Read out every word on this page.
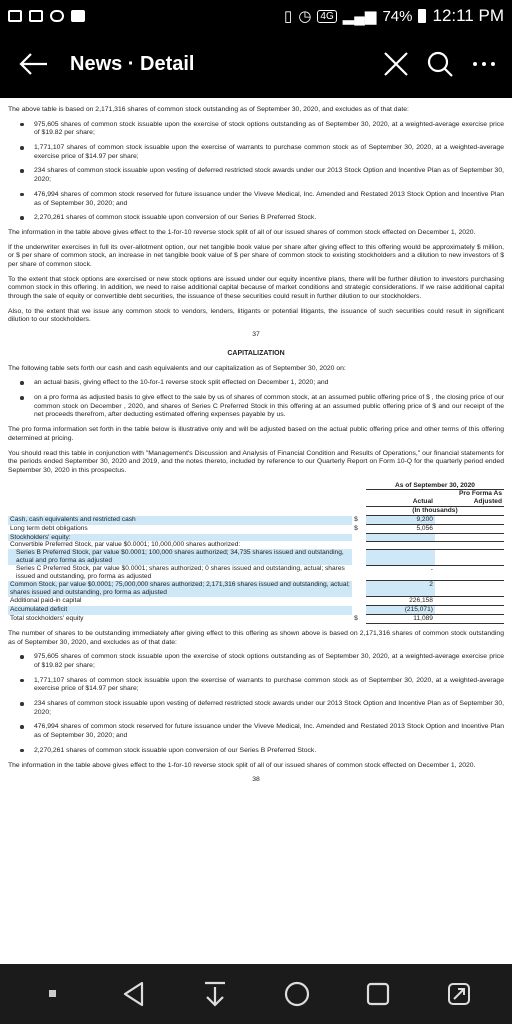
▯ ◷ 4G ▂▄▆ 74% 12:11 PM
News · Detail

The above table is based on 2,171,316 shares of common stock outstanding as of September 30, 2020, and excludes as of that date:

975,605 shares of common stock issuable upon the exercise of stock options outstanding as of September 30, 2020, at a weighted-average exercise price of $19.82 per share;
1,771,107 shares of common stock issuable upon the exercise of warrants to purchase common stock as of September 30, 2020, at a weighted-average exercise price of $14.97 per share;
234 shares of common stock issuable upon vesting of deferred restricted stock awards under our 2013 Stock Option and Incentive Plan as of September 30, 2020;
476,994 shares of common stock reserved for future issuance under the Viveve Medical, Inc. Amended and Restated 2013 Stock Option and Incentive Plan as of September 30, 2020; and
2,270,261 shares of common stock issuable upon conversion of our Series B Preferred Stock.

The information in the table above gives effect to the 1-for-10 reverse stock split of all of our issued shares of common stock effected on December 1, 2020.

If the underwriter exercises in full its over-allotment option, our net tangible book value per share after giving effect to this offering would be approximately $ million, or $ per share of common stock, an increase in net tangible book value of $ per share of common stock to existing stockholders and a dilution to new investors of $ per share of common stock.

To the extent that stock options are exercised or new stock options are issued under our equity incentive plans, there will be further dilution to investors purchasing common stock in this offering. In addition, we need to raise additional capital because of market conditions and strategic considerations. If we raise additional capital through the sale of equity or convertible debt securities, the issuance of these securities could result in further dilution to our stockholders.

Also, to the extent that we issue any common stock to vendors, lenders, litigants or potential litigants, the issuance of such securities could result in significant dilution to our stockholders.

37
CAPITALIZATION

The following table sets forth our cash and cash equivalents and our capitalization as of September 30, 2020 on:

an actual basis, giving effect to the 10-for-1 reverse stock split effected on December 1, 2020; and
on a pro forma as adjusted basis to give effect to the sale by us of shares of common stock, at an assumed public offering price of $ , the closing price of our common stock on December , 2020, and shares of Series C Preferred Stock in this offering at an assumed public offering price of $ and our receipt of the net proceeds therefrom, after deducting estimated offering expenses payable by us.

The pro forma information set forth in the table below is illustrative only and will be adjusted based on the actual public offering price and other terms of this offering determined at pricing.

You should read this table in conjunction with "Management's Discussion and Analysis of Financial Condition and Results of Operations," our financial statements for the periods ended September 30, 2020 and 2019, and the notes thereto, included by reference to our Quarterly Report on Form 10-Q for the quarterly period ended September 30, 2020 in this prospectus.

		As of September 30, 2020	
		Actual	Pro Forma As Adjusted
		(In thousands)	
Cash, cash equivalents and restricted cash	$	9,200	
Long term debt obligations	$	5,056	
Stockholders' equity:			
Convertible Preferred Stock, par value $0.0001; 10,000,000 shares authorized:			
Series B Preferred Stock, par value $0.0001; 100,000 shares authorized; 34,735 shares issued and outstanding, actual and pro forma as adjusted			
Series C Preferred Stock, par value $0.0001; shares authorized; 0 shares issued and outstanding, actual; shares issued and outstanding, pro forma as adjusted		-	
Common Stock, par value $0.0001; 75,000,000 shares authorized; 2,171,316 shares issued and outstanding, actual; shares issued and outstanding, pro forma as adjusted		2	
Additional paid-in capital		226,158	
Accumulated deficit		(215,071)	
Total stockholders' equity	$	11,089	

The number of shares to be outstanding immediately after giving effect to this offering as shown above is based on 2,171,316 shares of common stock outstanding as of September 30, 2020, and excludes as of that date:

975,605 shares of common stock issuable upon the exercise of stock options outstanding as of September 30, 2020, at a weighted-average exercise price of $19.82 per share;
1,771,107 shares of common stock issuable upon the exercise of warrants to purchase common stock as of September 30, 2020, at a weighted-average exercise price of $14.97 per share;
234 shares of common stock issuable upon vesting of deferred restricted stock awards under our 2013 Stock Option and Incentive Plan as of September 30, 2020;
476,994 shares of common stock reserved for future issuance under the Viveve Medical, Inc. Amended and Restated 2013 Stock Option and Incentive Plan as of September 30, 2020; and
2,270,261 shares of common stock issuable upon conversion of our Series B Preferred Stock.

The information in the table above gives effect to the 1-for-10 reverse stock split of all of our issued shares of common stock effected on December 1, 2020.

38
